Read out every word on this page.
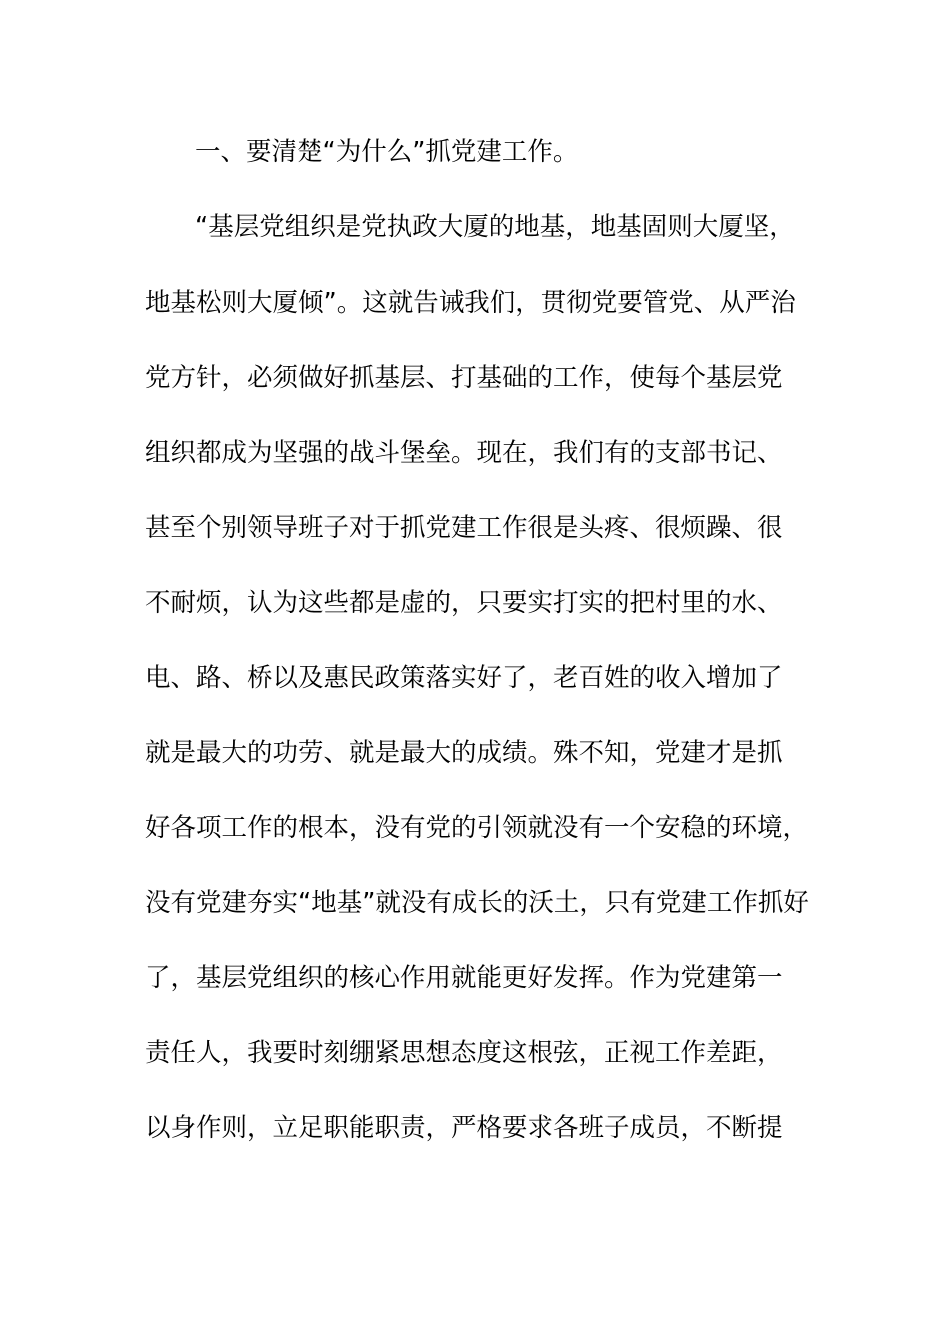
一、要清楚“为什么”抓党建工作。
“基层党组织是党执政大厦的地基，地基固则大厦坚，
地基松则大厦倾”。这就告诫我们，贯彻党要管党、从严治
党方针，必须做好抓基层、打基础的工作，使每个基层党
组织都成为坚强的战斗堡垒。现在，我们有的支部书记、
甚至个别领导班子对于抓党建工作很是头疼、很烦躁、很
不耐烦，认为这些都是虚的，只要实打实的把村里的水、
电、路、桥以及惠民政策落实好了，老百姓的收入增加了
就是最大的功劳、就是最大的成绩。殊不知，党建才是抓
好各项工作的根本，没有党的引领就没有一个安稳的环境，
没有党建夯实“地基”就没有成长的沃土，只有党建工作抓好
了，基层党组织的核心作用就能更好发挥。作为党建第一
责任人，我要时刻绷紧思想态度这根弦，正视工作差距，
以身作则，立足职能职责，严格要求各班子成员，不断提
